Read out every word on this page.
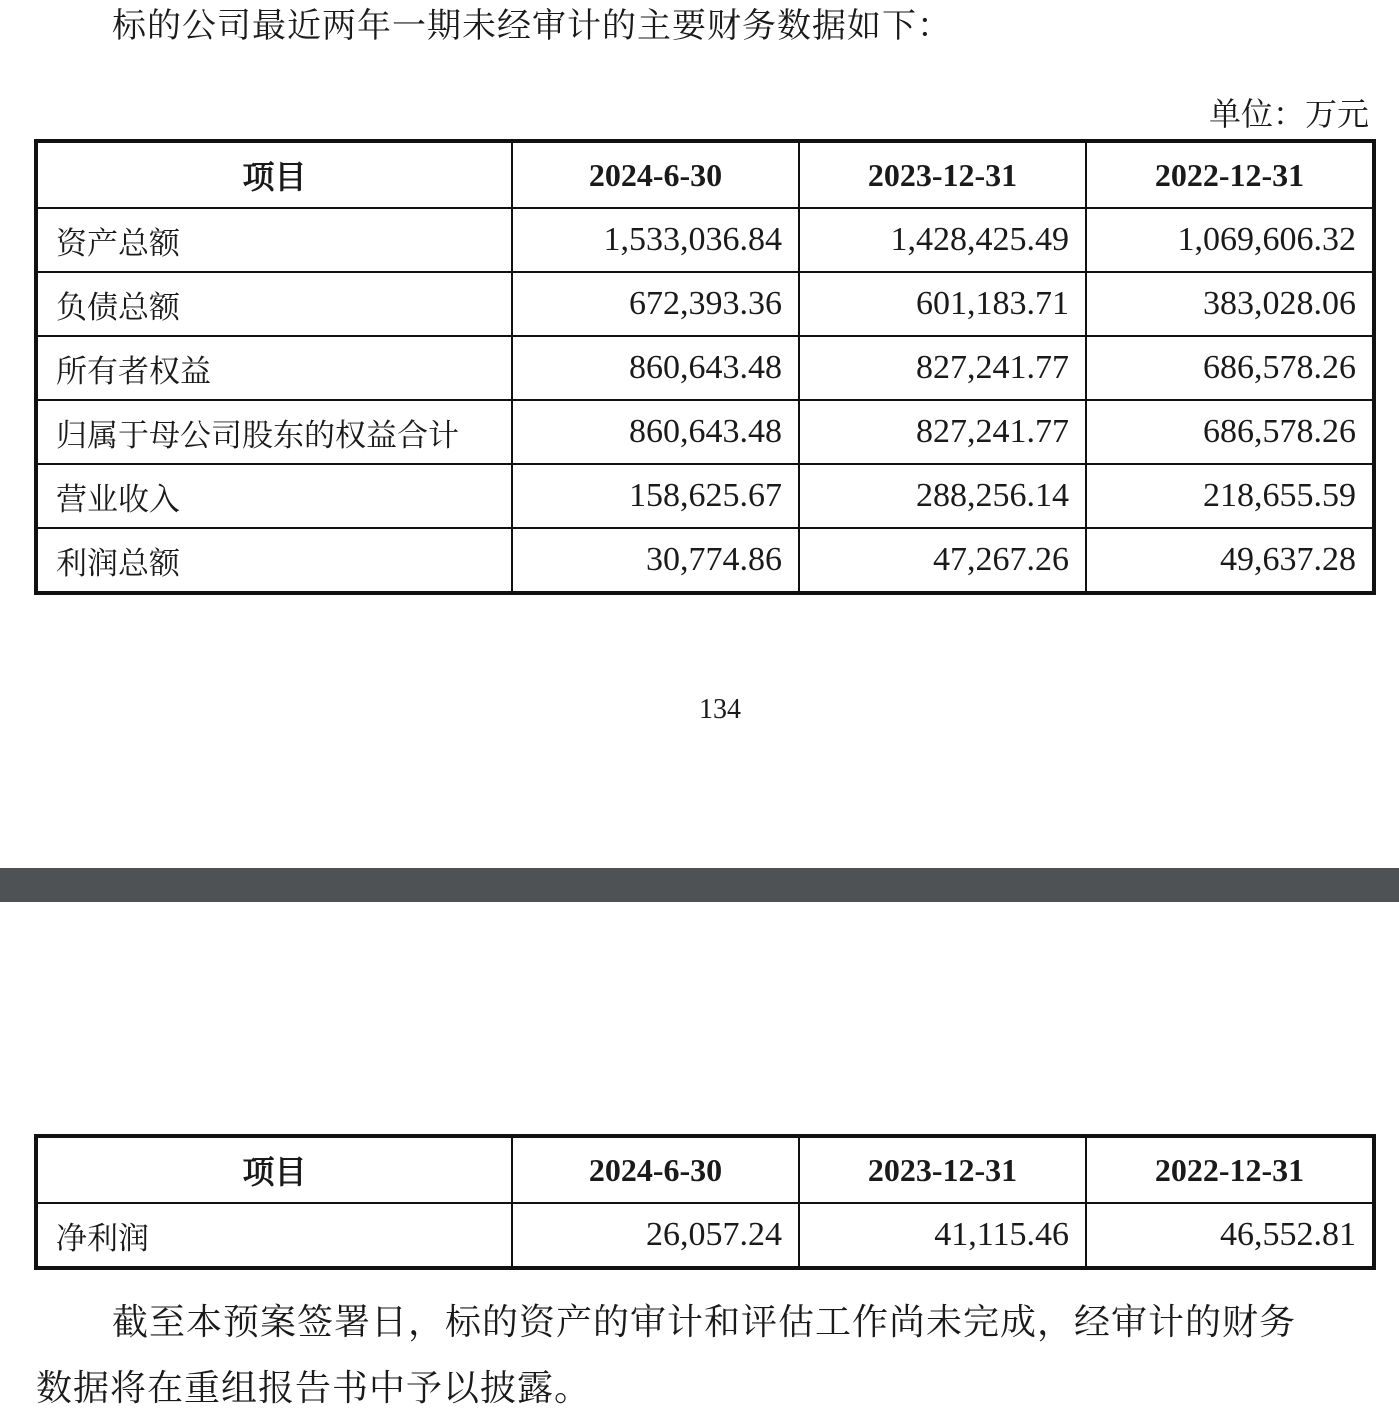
标的公司最近两年一期未经审计的主要财务数据如下：
单位：万元
项目	2024-6-30	2023-12-31	2022-12-31
资产总额	1,533,036.84	1,428,425.49	1,069,606.32
负债总额	672,393.36	601,183.71	383,028.06
所有者权益	860,643.48	827,241.77	686,578.26
归属于母公司股东的权益合计	860,643.48	827,241.77	686,578.26
营业收入	158,625.67	288,256.14	218,655.59
利润总额	30,774.86	47,267.26	49,637.28
134
项目	2024-6-30	2023-12-31	2022-12-31
净利润	26,057.24	41,115.46	46,552.81
截至本预案签署日，标的资产的审计和评估工作尚未完成，经审计的财务
数据将在重组报告书中予以披露。
